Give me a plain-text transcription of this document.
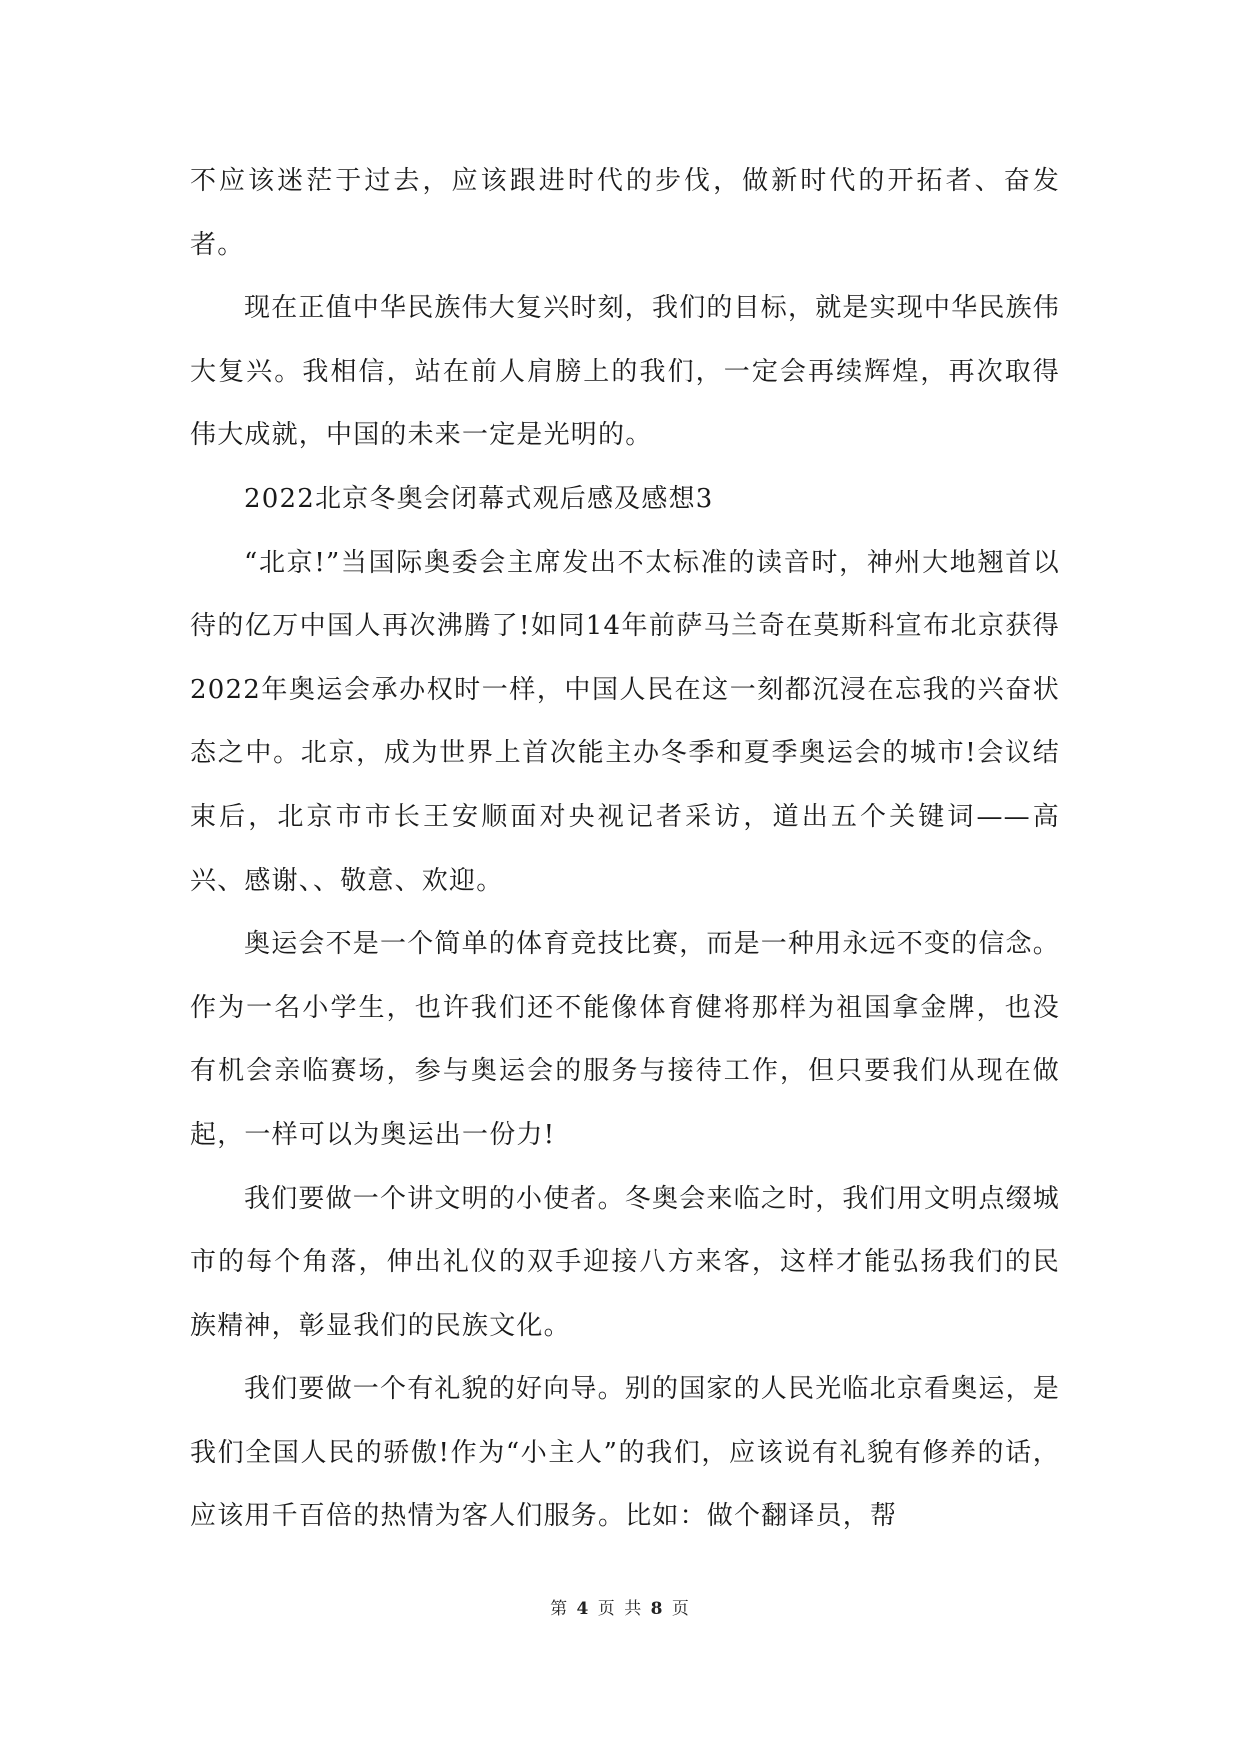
不应该迷茫于过去，应该跟进时代的步伐，做新时代的开拓者、奋发者。

现在正值中华民族伟大复兴时刻，我们的目标，就是实现中华民族伟大复兴。我相信，站在前人肩膀上的我们，一定会再续辉煌，再次取得伟大成就，中国的未来一定是光明的。

2022北京冬奥会闭幕式观后感及感想3

“北京!”当国际奥委会主席发出不太标准的读音时，神州大地翘首以待的亿万中国人再次沸腾了!如同14年前萨马兰奇在莫斯科宣布北京获得2022年奥运会承办权时一样，中国人民在这一刻都沉浸在忘我的兴奋状态之中。北京，成为世界上首次能主办冬季和夏季奥运会的城市!会议结束后，北京市市长王安顺面对央视记者采访，道出五个关键词——高兴、感谢、、敬意、欢迎。

奥运会不是一个简单的体育竞技比赛，而是一种用永远不变的信念。作为一名小学生，也许我们还不能像体育健将那样为祖国拿金牌，也没有机会亲临赛场，参与奥运会的服务与接待工作，但只要我们从现在做起，一样可以为奥运出一份力!

我们要做一个讲文明的小使者。冬奥会来临之时，我们用文明点缀城市的每个角落，伸出礼仪的双手迎接八方来客，这样才能弘扬我们的民族精神，彰显我们的民族文化。

我们要做一个有礼貌的好向导。别的国家的人民光临北京看奥运，是我们全国人民的骄傲!作为“小主人”的我们，应该说有礼貌有修养的话，应该用千百倍的热情为客人们服务。比如：做个翻译员，帮

第 4 页 共 8 页
